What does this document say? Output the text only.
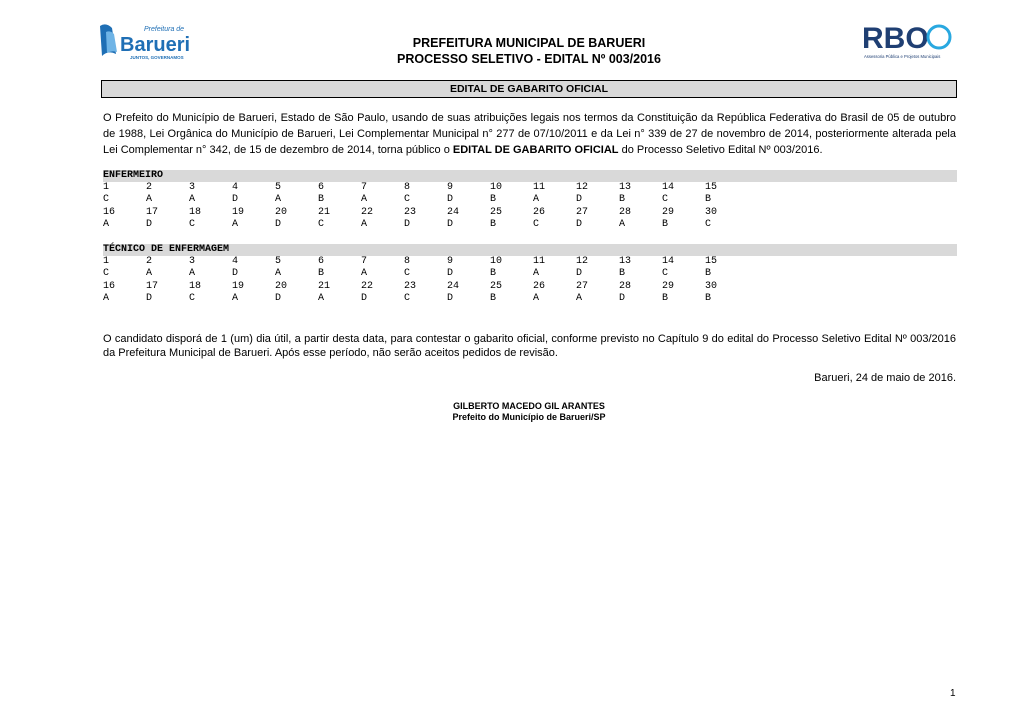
Prefeitura de
Barueri
JUNTOS, GOVERNAMOS
RBO
Assessoria Pública e Projetos Municipais
PREFEITURA MUNICIPAL DE BARUERI
PROCESSO SELETIVO - EDITAL Nº 003/2016
EDITAL DE GABARITO OFICIAL
O Prefeito do Município de Barueri, Estado de São Paulo, usando de suas atribuições legais nos termos da Constituição da República Federativa do Brasil de 05 de outubro de 1988, Lei Orgânica do Município de Barueri, Lei Complementar Municipal n° 277 de 07/10/2011 e da Lei n° 339 de 27 de novembro de 2014, posteriormente alterada pela Lei Complementar n° 342, de 15 de dezembro de 2014, torna público o EDITAL DE GABARITO OFICIAL do Processo Seletivo Edital Nº 003/2016.
ENFERMEIRO
1	2	3	4	5	6	7	8	9	10	11	12	13	14	15
C	A	A	D	A	B	A	C	D	B	A	D	B	C	B
16	17	18	19	20	21	22	23	24	25	26	27	28	29	30
A	D	C	A	D	C	A	D	D	B	C	D	A	B	C
TÉCNICO DE ENFERMAGEM
1	2	3	4	5	6	7	8	9	10	11	12	13	14	15
C	A	A	D	A	B	A	C	D	B	A	D	B	C	B
16	17	18	19	20	21	22	23	24	25	26	27	28	29	30
A	D	C	A	D	A	D	C	D	B	A	A	D	B	B
O candidato disporá de 1 (um) dia útil, a partir desta data, para contestar o gabarito oficial, conforme previsto no Capítulo 9 do edital do Processo Seletivo Edital Nº 003/2016 da Prefeitura Municipal de Barueri. Após esse período, não serão aceitos pedidos de revisão.
Barueri, 24 de maio de 2016.
GILBERTO MACEDO GIL ARANTES
Prefeito do Município de Barueri/SP
1
